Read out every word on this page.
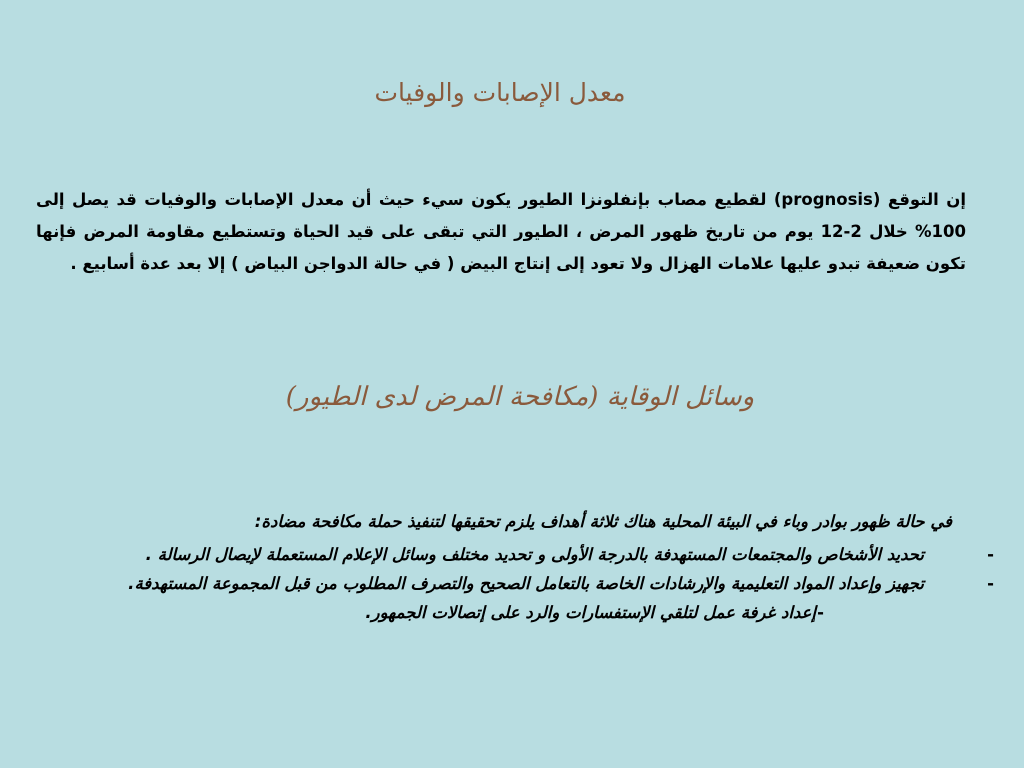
معدل الإصابات والوفيات
إن التوقع (prognosis) لقطيع مصاب بإنفلونزا الطيور يكون سيء حيث أن معدل الإصابات والوفيات قد يصل إلى 100% خلال 2-12 يوم من تاريخ ظهور المرض ، الطيور التي تبقى على قيد الحياة وتستطيع مقاومة المرض فإنها تكون ضعيفة تبدو عليها علامات الهزال ولا تعود إلى إنتاج البيض ( في حالة الدواجن البياض ) إلا بعد عدة أسابيع .
وسائل الوقاية (مكافحة المرض لدى الطيور)
في حالة ظهور بوادر وباء في البيئة المحلية هناك ثلاثة أهداف يلزم تحقيقها لتنفيذ حملة مكافحة مضادة:
-
تحديد الأشخاص والمجتمعات المستهدفة بالدرجة الأولى و تحديد مختلف وسائل الإعلام المستعملة لإيصال الرسالة .
-
تجهيز وإعداد المواد التعليمية والإرشادات الخاصة بالتعامل الصحيح والتصرف المطلوب من قبل المجموعة المستهدفة.
-
إعداد غرفة عمل لتلقي الإستفسارات والرد على إتصالات الجمهور.
